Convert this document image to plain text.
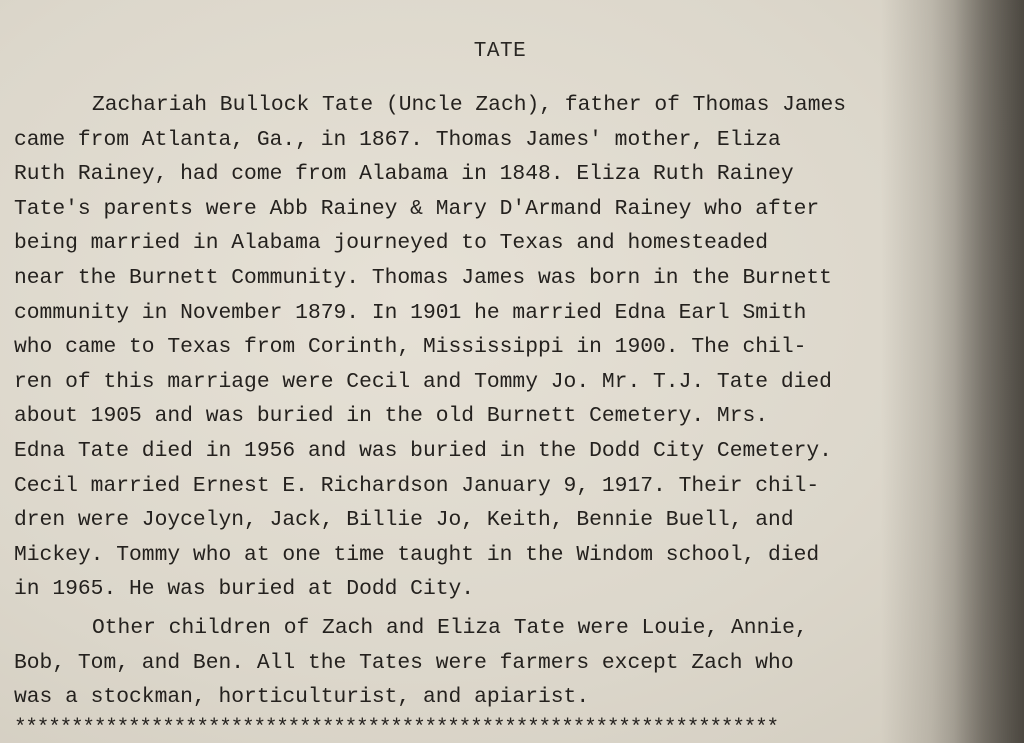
TATE
Zachariah Bullock Tate (Uncle Zach), father of Thomas James
came from Atlanta, Ga., in 1867. Thomas James' mother, Eliza
Ruth Rainey, had come from Alabama in 1848. Eliza Ruth Rainey
Tate's parents were Abb Rainey & Mary D'Armand Rainey who after
being married in Alabama journeyed to Texas and homesteaded
near the Burnett Community. Thomas James was born in the Burnett
community in November 1879. In 1901 he married Edna Earl Smith
who came to Texas from Corinth, Mississippi in 1900. The chil-
ren of this marriage were Cecil and Tommy Jo. Mr. T.J. Tate died
about 1905 and was buried in the old Burnett Cemetery. Mrs.
Edna Tate died in 1956 and was buried in the Dodd City Cemetery.
Cecil married Ernest E. Richardson January 9, 1917. Their chil-
dren were Joycelyn, Jack, Billie Jo, Keith, Bennie Buell, and
Mickey. Tommy who at one time taught in the Windom school, died
in 1965. He was buried at Dodd City.
Other children of Zach and Eliza Tate were Louie, Annie,
Bob, Tom, and Ben. All the Tates were farmers except Zach who
was a stockman, horticulturist, and apiarist.
*******************************************************************
